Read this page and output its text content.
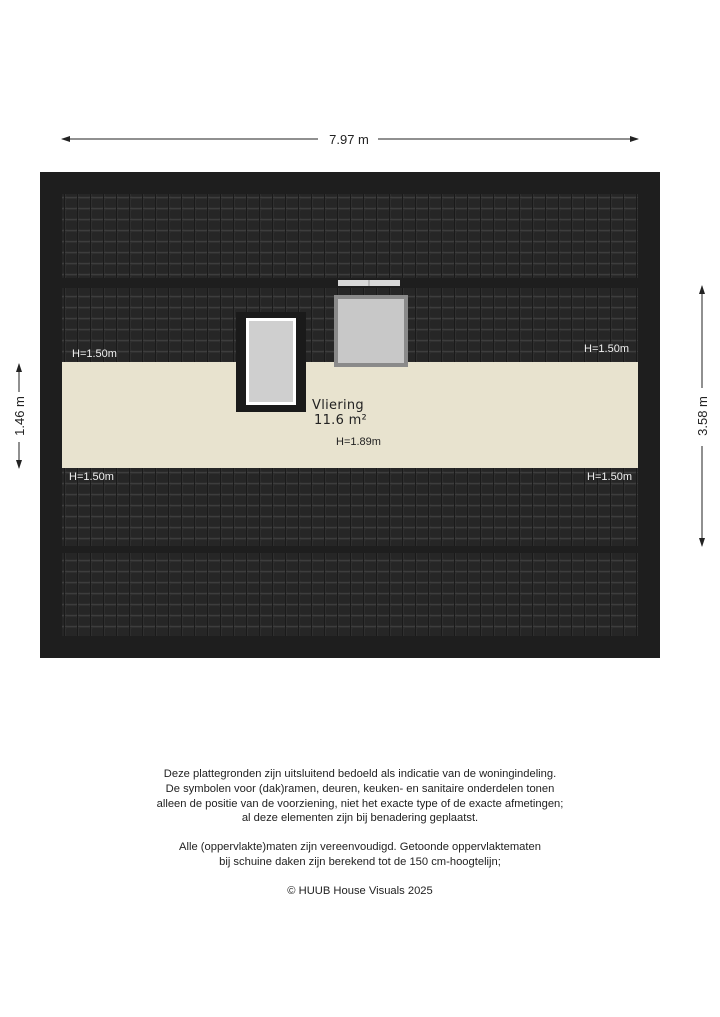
7.97 m
1.46 m	3.58 m
H=1.50m	H=1.50m
H=1.50m	H=1.50m
Vliering
11.6 m²
H=1.89m

Deze plattegronden zijn uitsluitend bedoeld als indicatie van de woningindeling.

De symbolen voor (dak)ramen, deuren, keuken- en sanitaire onderdelen tonen

alleen de positie van de voorziening, niet het exacte type of de exacte afmetingen;

al deze elementen zijn bij benadering geplaatst.

Alle (oppervlakte)maten zijn vereenvoudigd. Getoonde oppervlaktematen

bij schuine daken zijn berekend tot de 150 cm-hoogtelijn;

© HUUB House Visuals 2025
